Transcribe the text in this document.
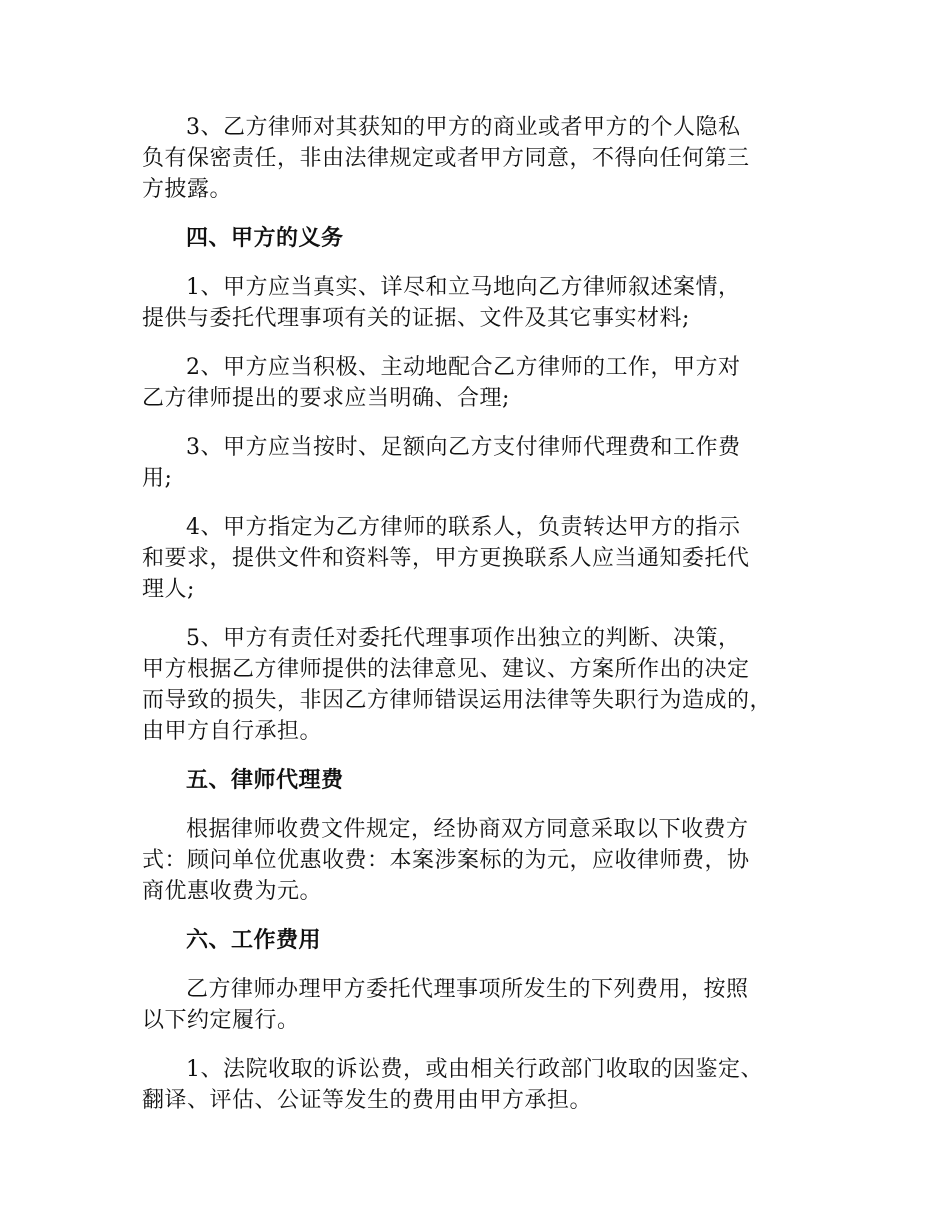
3、乙方律师对其获知的甲方的商业或者甲方的个人隐私
负有保密责任，非由法律规定或者甲方同意，不得向任何第三
方披露。

四、甲方的义务

1、甲方应当真实、详尽和立马地向乙方律师叙述案情，
提供与委托代理事项有关的证据、文件及其它事实材料;

2、甲方应当积极、主动地配合乙方律师的工作，甲方对
乙方律师提出的要求应当明确、合理;

3、甲方应当按时、足额向乙方支付律师代理费和工作费
用;

4、甲方指定为乙方律师的联系人，负责转达甲方的指示
和要求，提供文件和资料等，甲方更换联系人应当通知委托代
理人;

5、甲方有责任对委托代理事项作出独立的判断、决策，
甲方根据乙方律师提供的法律意见、建议、方案所作出的决定
而导致的损失，非因乙方律师错误运用法律等失职行为造成的，
由甲方自行承担。

五、律师代理费

根据律师收费文件规定，经协商双方同意采取以下收费方
式：顾问单位优惠收费：本案涉案标的为元，应收律师费，协
商优惠收费为元。

六、工作费用

乙方律师办理甲方委托代理事项所发生的下列费用，按照
以下约定履行。

1、法院收取的诉讼费，或由相关行政部门收取的因鉴定、
翻译、评估、公证等发生的费用由甲方承担。
